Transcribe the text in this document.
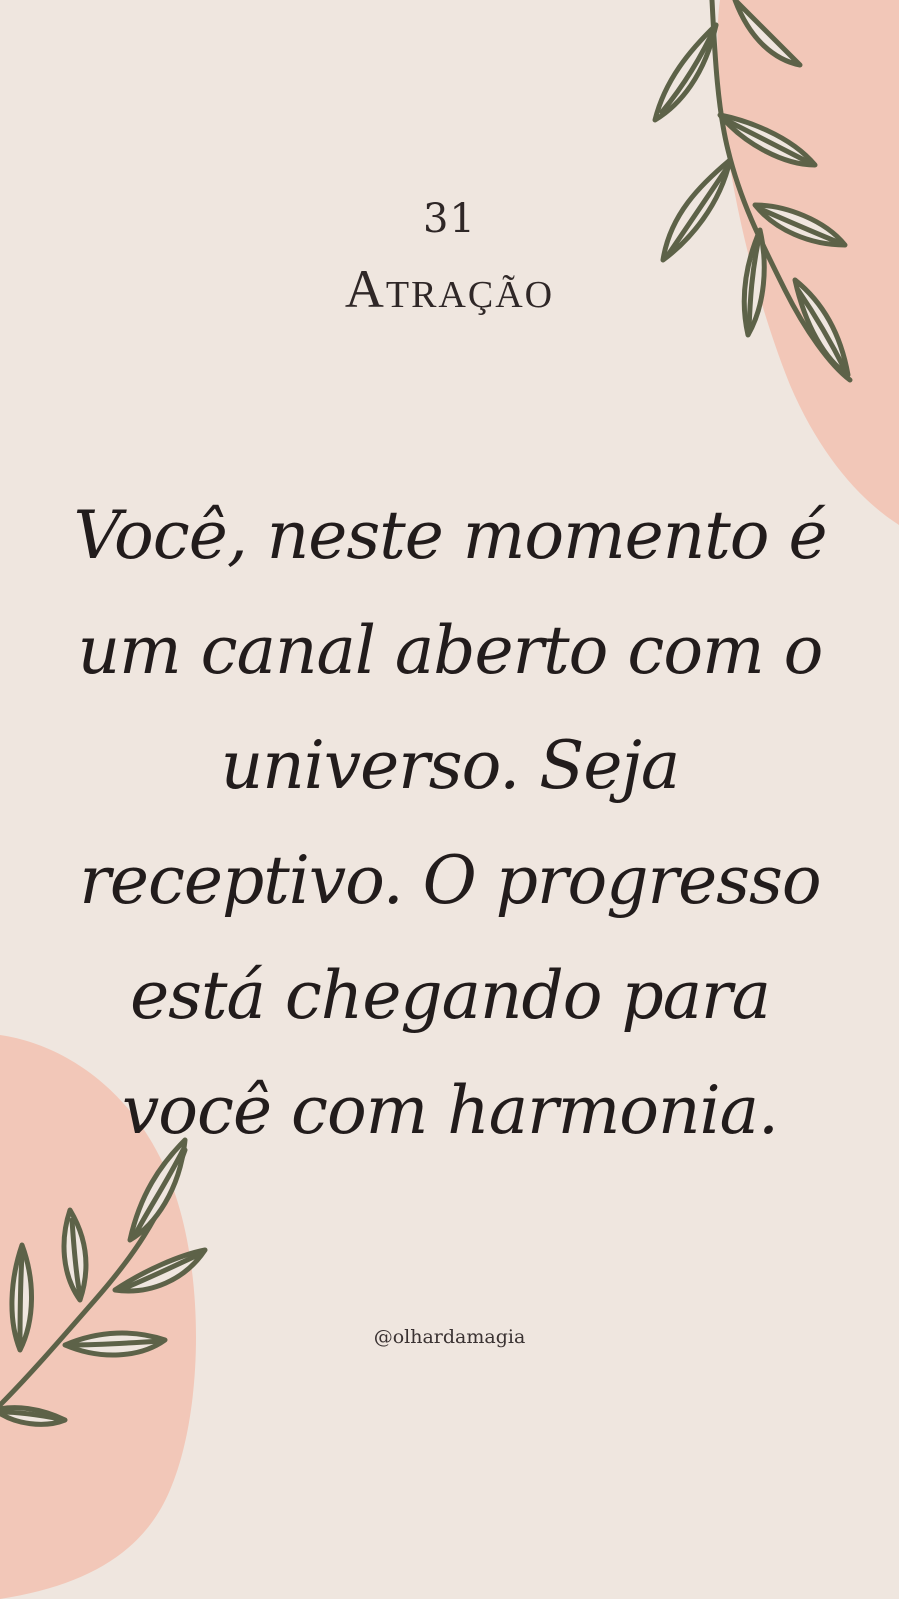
31
Atração
Você, neste momento é um canal aberto com o universo. Seja receptivo. O progresso está chegando para você com harmonia.
@olhardamagia
